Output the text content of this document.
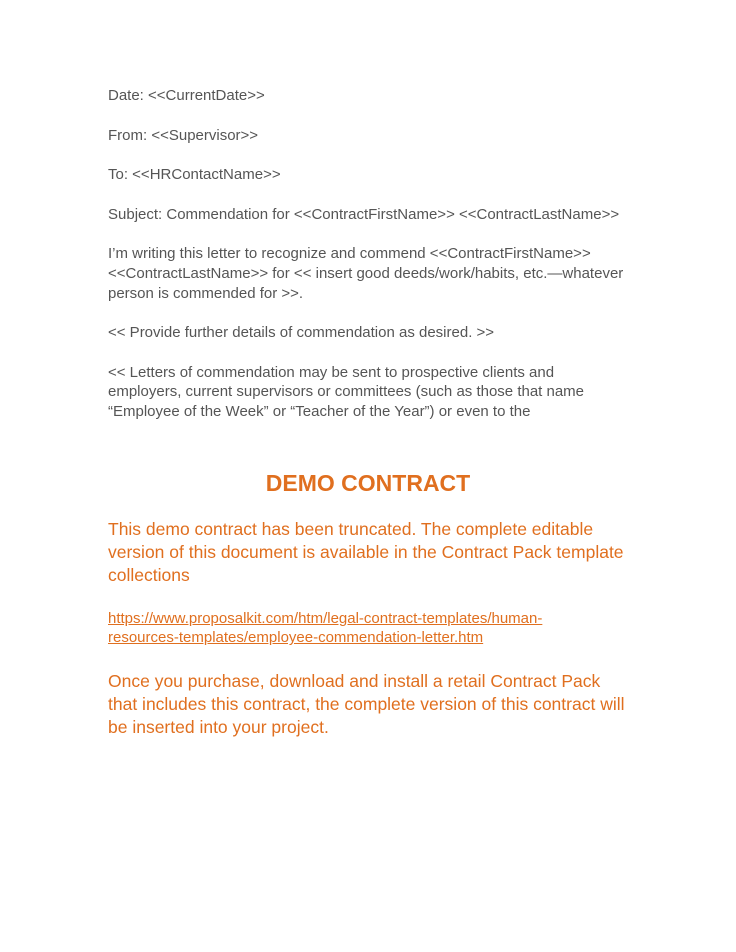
Date: <<CurrentDate>>

From: <<Supervisor>>

To: <<HRContactName>>

Subject: Commendation for <<ContractFirstName>> <<ContractLastName>>

I’m writing this letter to recognize and commend <<ContractFirstName>> <<ContractLastName>> for << insert good deeds/work/habits, etc.—whatever person is commended for >>.

<< Provide further details of commendation as desired. >>

<< Letters of commendation may be sent to prospective clients and employers, current supervisors or committees (such as those that name “Employee of the Week” or “Teacher of the Year”) or even to the

DEMO CONTRACT

This demo contract has been truncated. The complete editable version of this document is available in the Contract Pack template collections

https://www.proposalkit.com/htm/legal-contract-templates/human-resources-templates/employee-commendation-letter.htm

Once you purchase, download and install a retail Contract Pack that includes this contract, the complete version of this contract will be inserted into your project.
